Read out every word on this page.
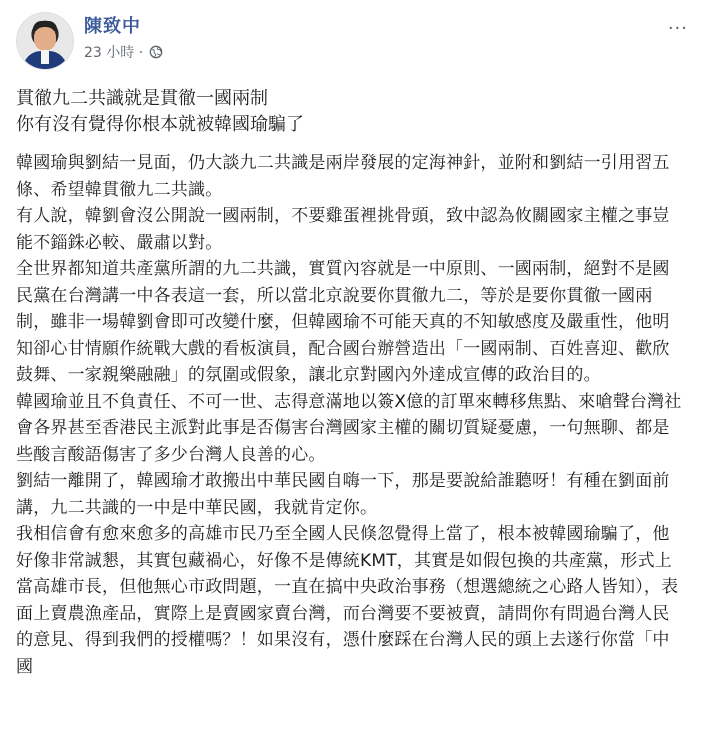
陳致中
23 小時 ·
···
貫徹九二共識就是貫徹一國兩制
你有沒有覺得你根本就被韓國瑜騙了

韓國瑜與劉結一見面，仍大談九二共識是兩岸發展的定海神針，並附和劉結一引用習五條、希望韓貫徹九二共識。

有人說，韓劉會沒公開說一國兩制，不要雞蛋裡挑骨頭，致中認為攸關國家主權之事豈能不錙銖必較、嚴肅以對。

全世界都知道共產黨所謂的九二共識，實質內容就是一中原則、一國兩制，絕對不是國民黨在台灣講一中各表這一套，所以當北京說要你貫徹九二，等於是要你貫徹一國兩制，雖非一場韓劉會即可改變什麼，但韓國瑜不可能天真的不知敏感度及嚴重性，他明知卻心甘情願作統戰大戲的看板演員，配合國台辦營造出「一國兩制、百姓喜迎、歡欣鼓舞、一家親樂融融」的氛圍或假象，讓北京對國內外達成宣傳的政治目的。

韓國瑜並且不負責任、不可一世、志得意滿地以簽X億的訂單來轉移焦點、來嗆聲台灣社會各界甚至香港民主派對此事是否傷害台灣國家主權的關切質疑憂慮，一句無聊、都是些酸言酸語傷害了多少台灣人良善的心。

劉結一離開了，韓國瑜才敢搬出中華民國自嗨一下，那是要說給誰聽呀！有種在劉面前講，九二共識的一中是中華民國，我就肯定你。

我相信會有愈來愈多的高雄市民乃至全國人民倏忽覺得上當了，根本被韓國瑜騙了，他好像非常誠懇，其實包藏禍心，好像不是傳統KMT，其實是如假包換的共產黨，形式上當高雄市長，但他無心市政問題，一直在搞中央政治事務（想選總統之心路人皆知），表面上賣農漁產品，實際上是賣國家賣台灣，而台灣要不要被賣，請問你有問過台灣人民的意見、得到我們的授權嗎？！如果沒有，憑什麼踩在台灣人民的頭上去遂行你當「中國
